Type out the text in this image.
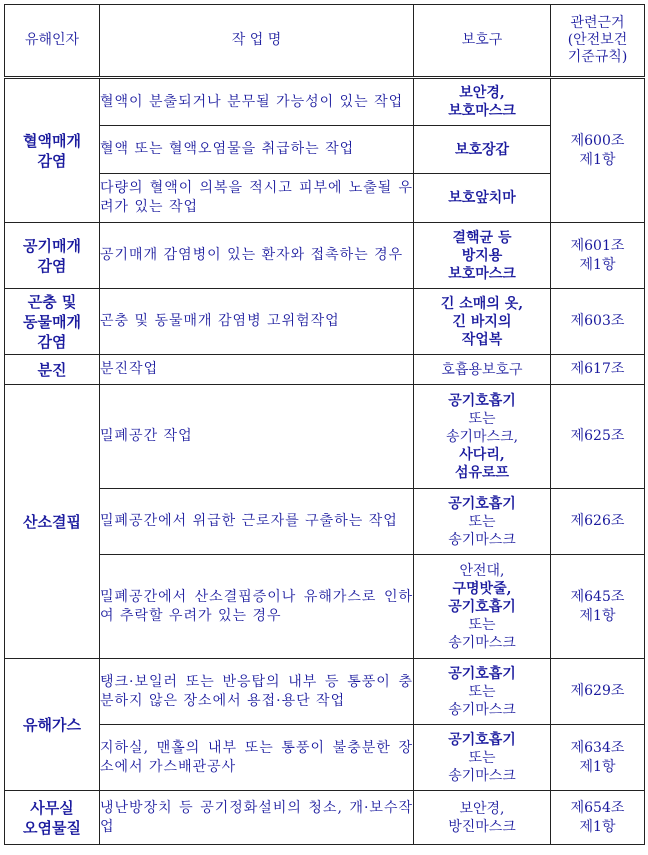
유해인자	작 업 명	보호구	관련근거
(안전보건
기준규칙)

혈액매개
감염	혈액이 분출되거나 분무될 가능성이 있는 작업	보안경,
보호마스크	제600조
제1항

	혈액 또는 혈액오염물을 취급하는 작업	보호장갑	

	다량의 혈액이 의복을 적시고 피부에 노출될 우려가 있는 작업	보호앞치마	

공기매개
감염	공기매개 감염병이 있는 환자와 접촉하는 경우	결핵균 등
방지용
보호마스크	제601조
제1항

곤충 및
동물매개
감염	곤충 및 동물매개 감염병 고위험작업	긴 소매의 옷,
긴 바지의
작업복	제603조
분진	분진작업	호흡용보호구	제617조
산소결핍	밀폐공간 작업	공기호흡기
또는
송기마스크,
사다리,
섬유로프	제625조
	밀폐공간에서 위급한 근로자를 구출하는 작업	공기호흡기
또는
송기마스크	제626조
	밀폐공간에서 산소결핍증이나 유해가스로 인하여 추락할 우려가 있는 경우	안전대,
구명밧줄,
공기호흡기
또는
송기마스크	제645조
제1항

유해가스	탱크·보일러 또는 반응탑의 내부 등 통풍이 충분하지 않은 장소에서 용접·용단 작업	공기호흡기
또는
송기마스크	제629조
	지하실, 맨홀의 내부 또는 통풍이 불충분한 장소에서 가스배관공사	공기호흡기
또는
송기마스크	제634조
제1항

사무실
오염물질	냉난방장치 등 공기정화설비의 청소, 개·보수작업	보안경,
방진마스크	제654조
제1항
